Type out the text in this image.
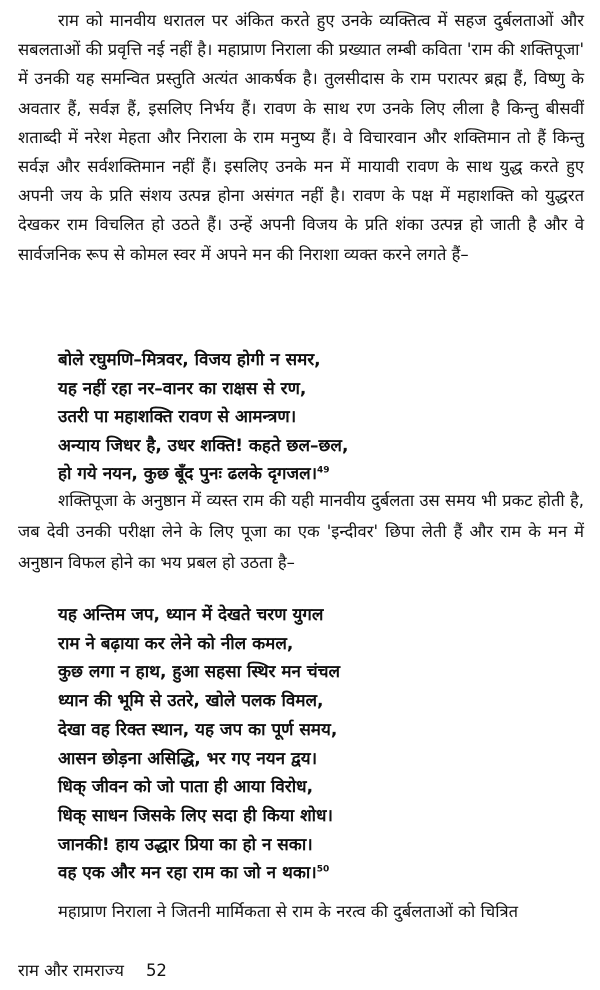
राम को मानवीय धरातल पर अंकित करते हुए उनके व्यक्तित्व में सहज दुर्बलताओं और सबलताओं की प्रवृत्ति नई नहीं है। महाप्राण निराला की प्रख्यात लम्बी कविता 'राम की शक्तिपूजा' में उनकी यह समन्वित प्रस्तुति अत्यंत आकर्षक है। तुलसीदास के राम परात्पर ब्रह्म हैं, विष्णु के अवतार हैं, सर्वज्ञ हैं, इसलिए निर्भय हैं। रावण के साथ रण उनके लिए लीला है किन्तु बीसवीं शताब्दी में नरेश मेहता और निराला के राम मनुष्य हैं। वे विचारवान और शक्तिमान तो हैं किन्तु सर्वज्ञ और सर्वशक्तिमान नहीं हैं। इसलिए उनके मन में मायावी रावण के साथ युद्ध करते हुए अपनी जय के प्रति संशय उत्पन्न होना असंगत नहीं है। रावण के पक्ष में महाशक्ति को युद्धरत देखकर राम विचलित हो उठते हैं। उन्हें अपनी विजय के प्रति शंका उत्पन्न हो जाती है और वे सार्वजनिक रूप से कोमल स्वर में अपने मन की निराशा व्यक्त करने लगते हैं–

बोले रघुमणि–मित्रवर, विजय होगी न समर,
यह नहीं रहा नर–वानर का राक्षस से रण,
उतरी पा महाशक्ति रावण से आमन्त्रण।
अन्याय जिधर है, उधर शक्ति! कहते छल–छल,
हो गये नयन, कुछ बूँद पुनः ढलके दृगजल।$^{49}$

शक्तिपूजा के अनुष्ठान में व्यस्त राम की यही मानवीय दुर्बलता उस समय भी प्रकट होती है, जब देवी उनकी परीक्षा लेने के लिए पूजा का एक 'इन्दीवर' छिपा लेती हैं और राम के मन में अनुष्ठान विफल होने का भय प्रबल हो उठता है–

यह अन्तिम जप, ध्यान में देखते चरण युगल
राम ने बढ़ाया कर लेने को नील कमल,
कुछ लगा न हाथ, हुआ सहसा स्थिर मन चंचल
ध्यान की भूमि से उतरे, खोले पलक विमल,
देखा वह रिक्त स्थान, यह जप का पूर्ण समय,
आसन छोड़ना असिद्धि, भर गए नयन द्वय।
धिक् जीवन को जो पाता ही आया विरोध,
धिक् साधन जिसके लिए सदा ही किया शोध।
जानकी! हाय उद्धार प्रिया का हो न सका।
वह एक और मन रहा राम का जो न थका।$^{50}$

महाप्राण निराला ने जितनी मार्मिकता से राम के नरत्व की दुर्बलताओं को चित्रित

राम और रामराज्य 52
